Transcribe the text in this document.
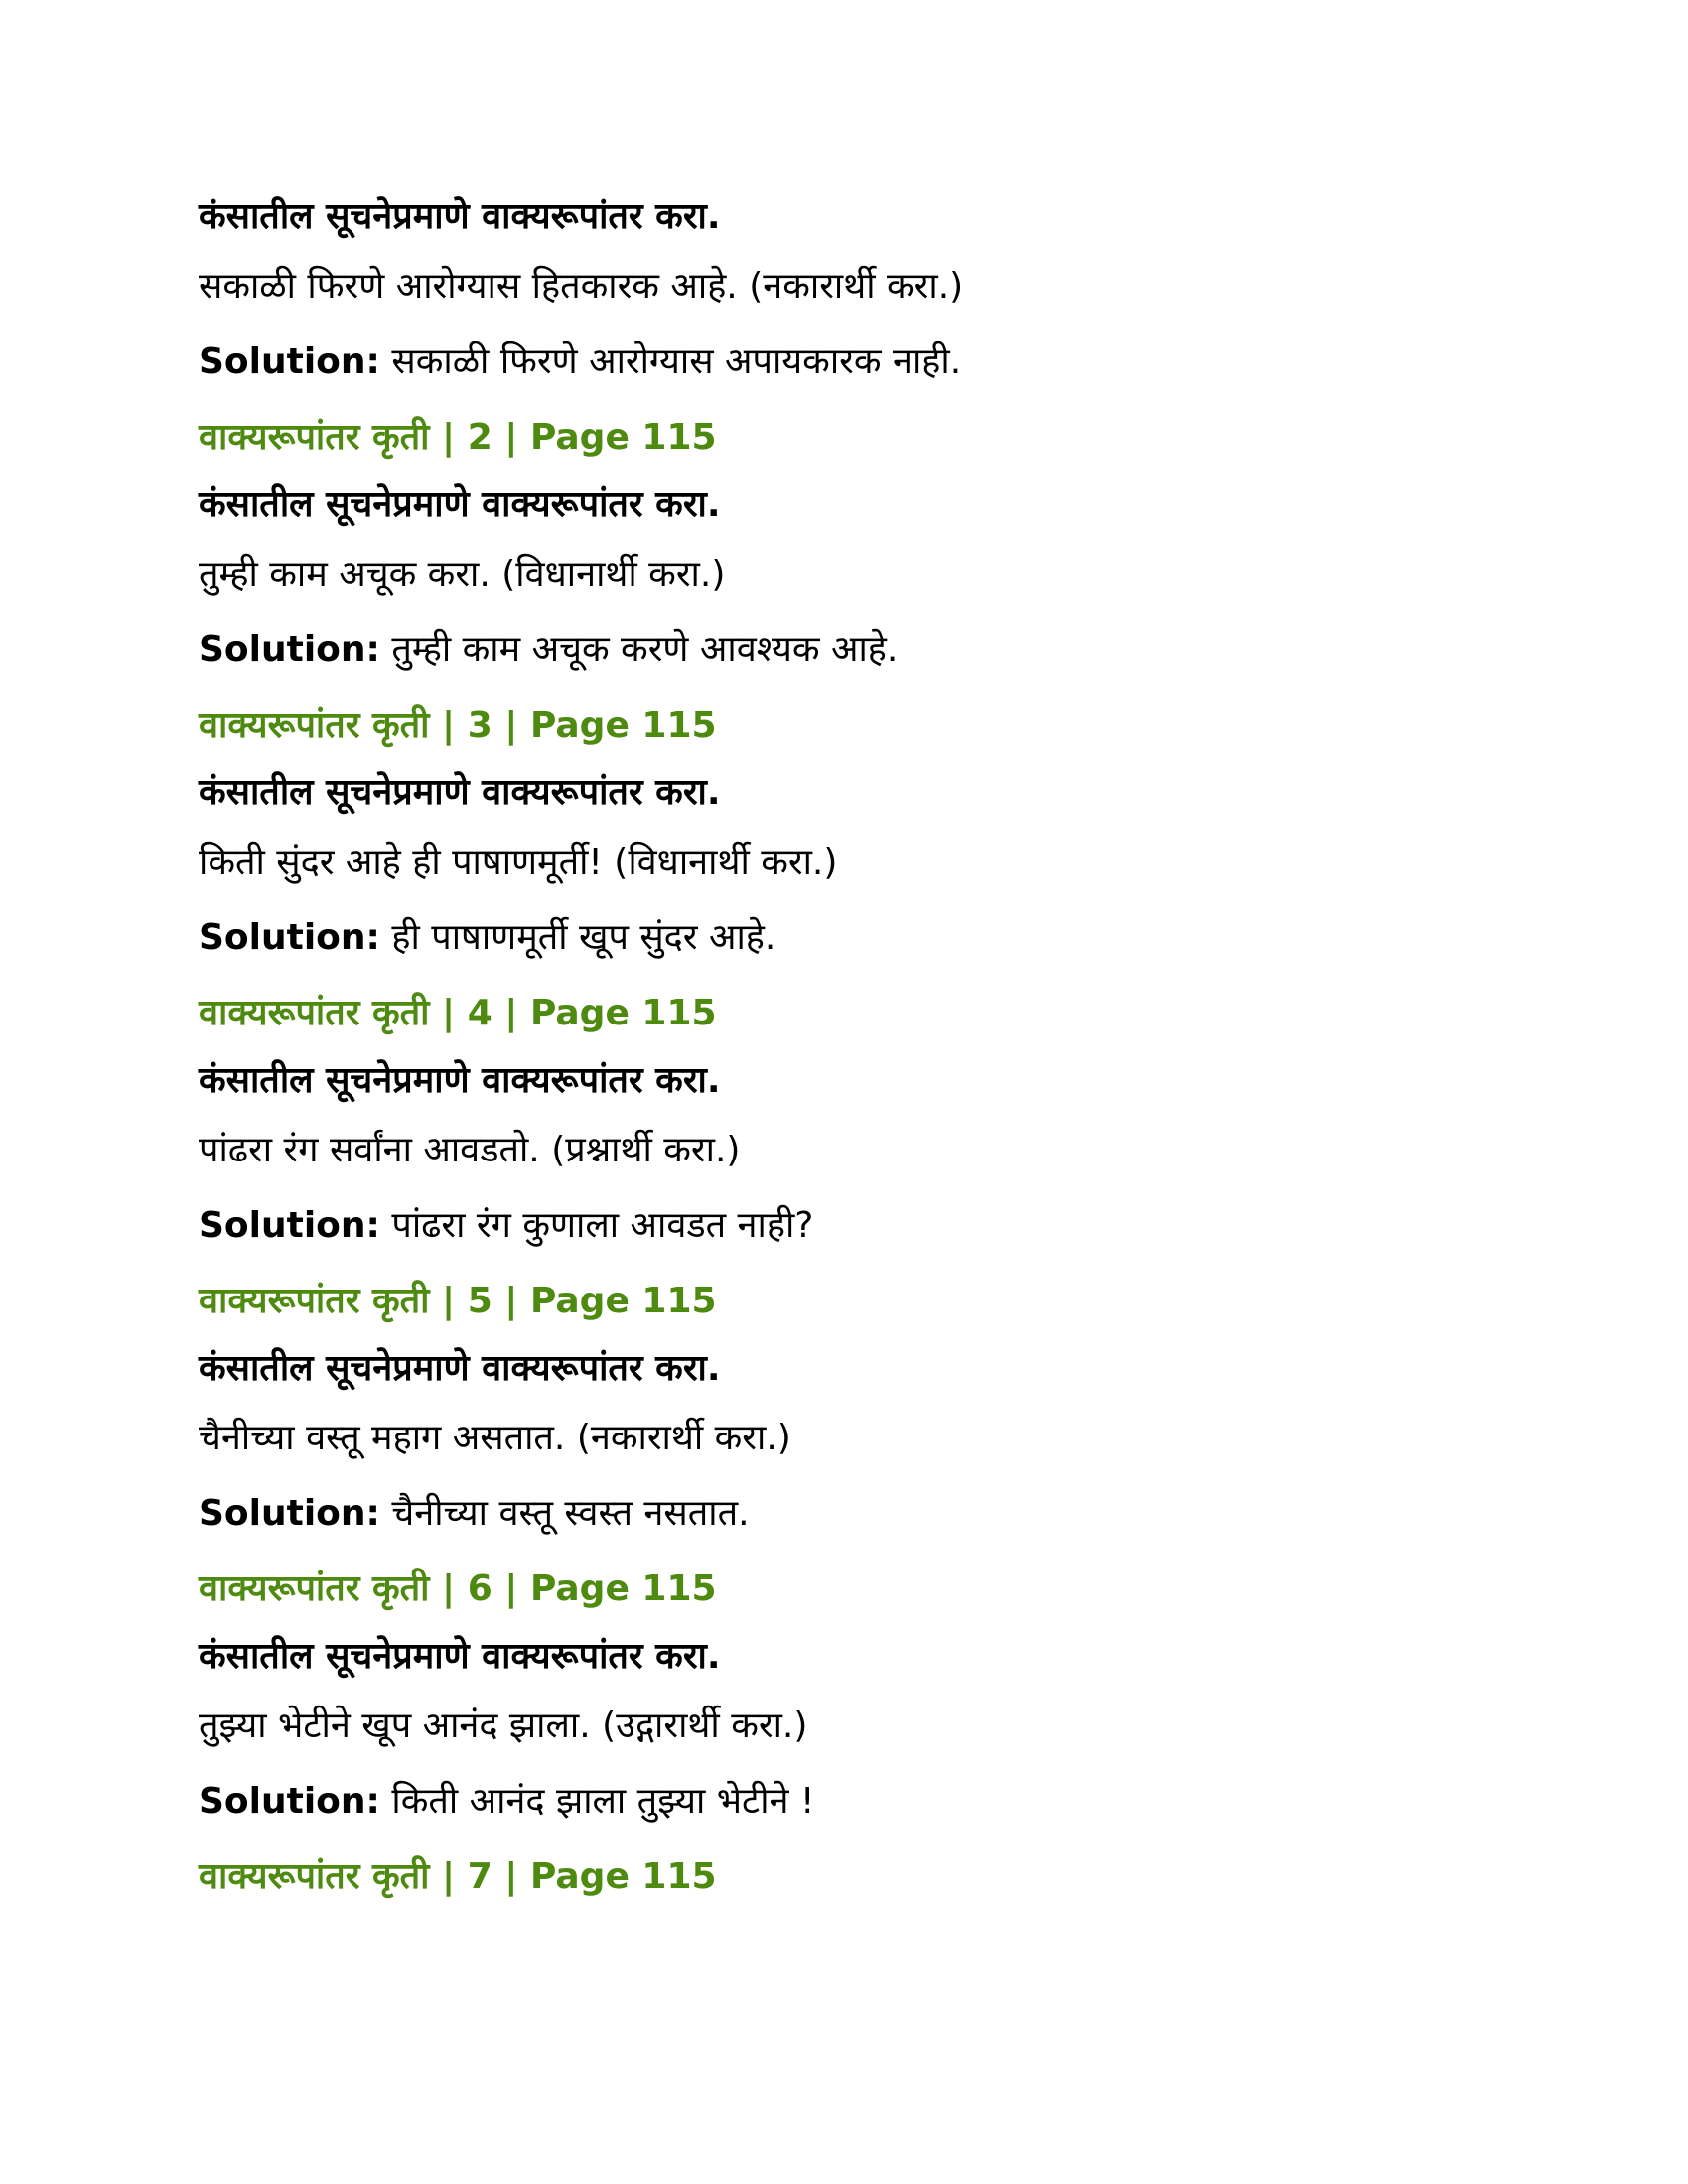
कंसातील सूचनेप्रमाणे वाक्यरूपांतर करा.

सकाळी फिरणे आरोग्यास हितकारक आहे. (नकारार्थी करा.)

Solution: सकाळी फिरणे आरोग्यास अपायकारक नाही.

वाक्यरूपांतर कृती | 2 | Page 115

कंसातील सूचनेप्रमाणे वाक्यरूपांतर करा.

तुम्ही काम अचूक करा. (विधानार्थी करा.)

Solution: तुम्ही काम अचूक करणे आवश्यक आहे.

वाक्यरूपांतर कृती | 3 | Page 115

कंसातील सूचनेप्रमाणे वाक्यरूपांतर करा.

किती सुंदर आहे ही पाषाणमूर्ती! (विधानार्थी करा.)

Solution: ही पाषाणमूर्ती खूप सुंदर आहे.

वाक्यरूपांतर कृती | 4 | Page 115

कंसातील सूचनेप्रमाणे वाक्यरूपांतर करा.

पांढरा रंग सर्वांना आवडतो. (प्रश्नार्थी करा.)

Solution: पांढरा रंग कुणाला आवडत नाही?

वाक्यरूपांतर कृती | 5 | Page 115

कंसातील सूचनेप्रमाणे वाक्यरूपांतर करा.

चैनीच्या वस्तू महाग असतात. (नकारार्थी करा.)

Solution: चैनीच्या वस्तू स्वस्त नसतात.

वाक्यरूपांतर कृती | 6 | Page 115

कंसातील सूचनेप्रमाणे वाक्यरूपांतर करा.

तुझ्या भेटीने खूप आनंद झाला. (उद्गारार्थी करा.)

Solution: किती आनंद झाला तुझ्या भेटीने !

वाक्यरूपांतर कृती | 7 | Page 115
